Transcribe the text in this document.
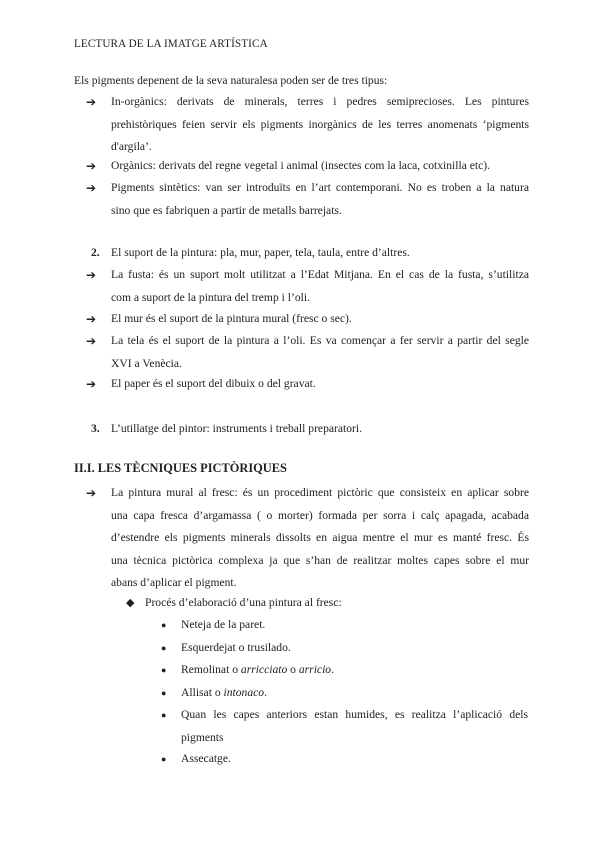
LECTURA DE LA IMATGE ARTÍSTICA
Els pigments depenent de la seva naturalesa poden ser de tres tipus:
➔ In-orgànics: derivats de minerals, terres i pedres semiprecioses. Les pintures
prehistòriques feien servir els pigments inorgànics de les terres anomenats ‘pigments
d'argila’.
➔ Orgànics: derivats del regne vegetal i animal (insectes com la laca, cotxinilla etc).
➔ Pigments sintètics: van ser introduïts en l’art contemporani. No es troben a la natura
sino que es fabriquen a partir de metalls barrejats.
2. El suport de la pintura: pla, mur, paper, tela, taula, entre d’altres.
➔ La fusta: és un suport molt utilitzat a l’Edat Mitjana. En el cas de la fusta, s’utilitza
com a suport de la pintura del tremp i l’oli.
➔ El mur és el suport de la pintura mural (fresc o sec).
➔ La tela és el suport de la pintura a l’oli. Es va començar a fer servir a partir del segle
XVI a Venècia.
➔ El paper és el suport del dibuix o del gravat.
3. L’utillatge del pintor: instruments i treball preparatori.
II.I. LES TÈCNIQUES PICTÒRIQUES
➔ La pintura mural al fresc: és un procediment pictòric que consisteix en aplicar sobre
una capa fresca d’argamassa ( o morter) formada per sorra i calç apagada, acabada
d’estendre els pigments minerals dissolts en aigua mentre el mur es manté fresc. És
una tècnica pictòrica complexa ja que s’han de realitzar moltes capes sobre el mur
abans d’aplicar el pigment.
◆ Procés d’elaboració d’una pintura al fresc:
● Neteja de la paret.
● Esquerdejat o trusilado.
● Remolinat o arricciato o arricio.
● Allisat o intonaco.
● Quan les capes anteriors estan humides, es realitza l’aplicació dels
pigments
● Assecatge.
